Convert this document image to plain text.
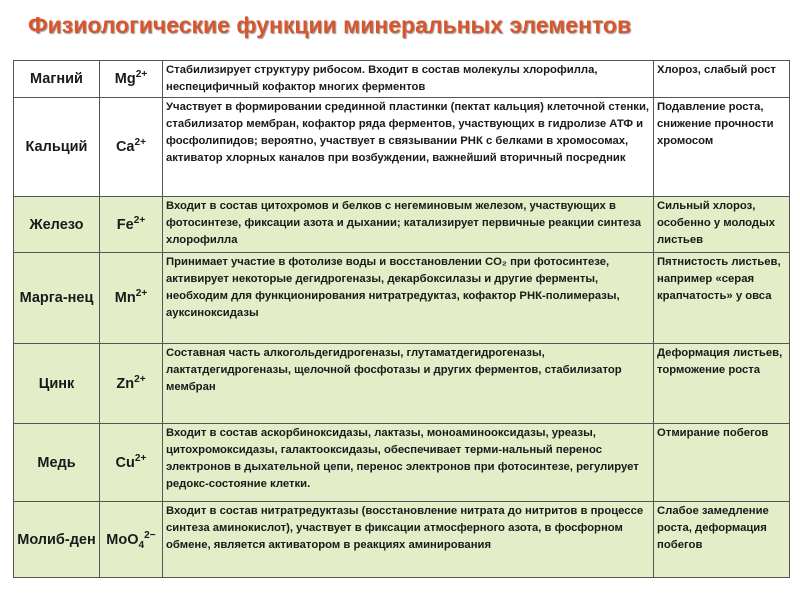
Физиологические функции минеральных элементов
Магний	$Mg^{2+}$	Стабилизирует структуру рибосом. Входит в состав молекулы хлорофилла, неспецифичный кофактор многих ферментов	Хлороз, слабый рост
Кальций	$Ca^{2+}$	Участвует в формировании срединной пластинки (пектат кальция) клеточной стенки, стабилизатор мембран, кофактор ряда ферментов, участвующих в гидролизе АТФ и фосфолипидов; вероятно, участвует в связывании РНК с белками в хромосомах, активатор хлорных каналов при возбуждении, важнейший вторичный посредник	Подавление роста, снижение прочности хромосом
Железо	$Fe^{2+}$	Входит в состав цитохромов и белков с негеминовым железом, участвующих в фотосинтезе, фиксации азота и дыхании; катализирует первичные реакции синтеза хлорофилла	Сильный хлороз, особенно у молодых листьев
Марга-нец	$Mn^{2+}$	Принимает участие в фотолизе воды и восстановлении CO₂ при фотосинтезе, активирует некоторые дегидрогеназы, декарбоксилазы и другие ферменты, необходим для функционирования нитратредуктаз, кофактор РНК-полимеразы, ауксиноксидазы	Пятнистость листьев, например «серая крапчатость» у овса
Цинк	$Zn^{2+}$	Составная часть алкогольдегидрогеназы, глутаматдегидрогеназы, лактатдегидрогеназы, щелочной фосфотазы и других ферментов, стабилизатор мембран	Деформация листьев, торможение роста
Медь	$Cu^{2+}$	Входит в состав аскорбиноксидазы, лактазы, моноаминооксидазы, уреазы, цитохромоксидазы, галактооксидазы, обеспечивает терми-нальный перенос электронов в дыхательной цепи, перенос электронов при фотосинтезе, регулирует редокс-состояние клетки.	Отмирание побегов
Молиб-ден	MoO$_4^{2-}$	Входит в состав нитратредуктазы (восстановление нитрата до нитритов в процессе синтеза аминокислот), участвует в фиксации атмосферного азота, в фосфорном обмене, является активатором в реакциях аминирования	Слабое замедление роста, деформация побегов
